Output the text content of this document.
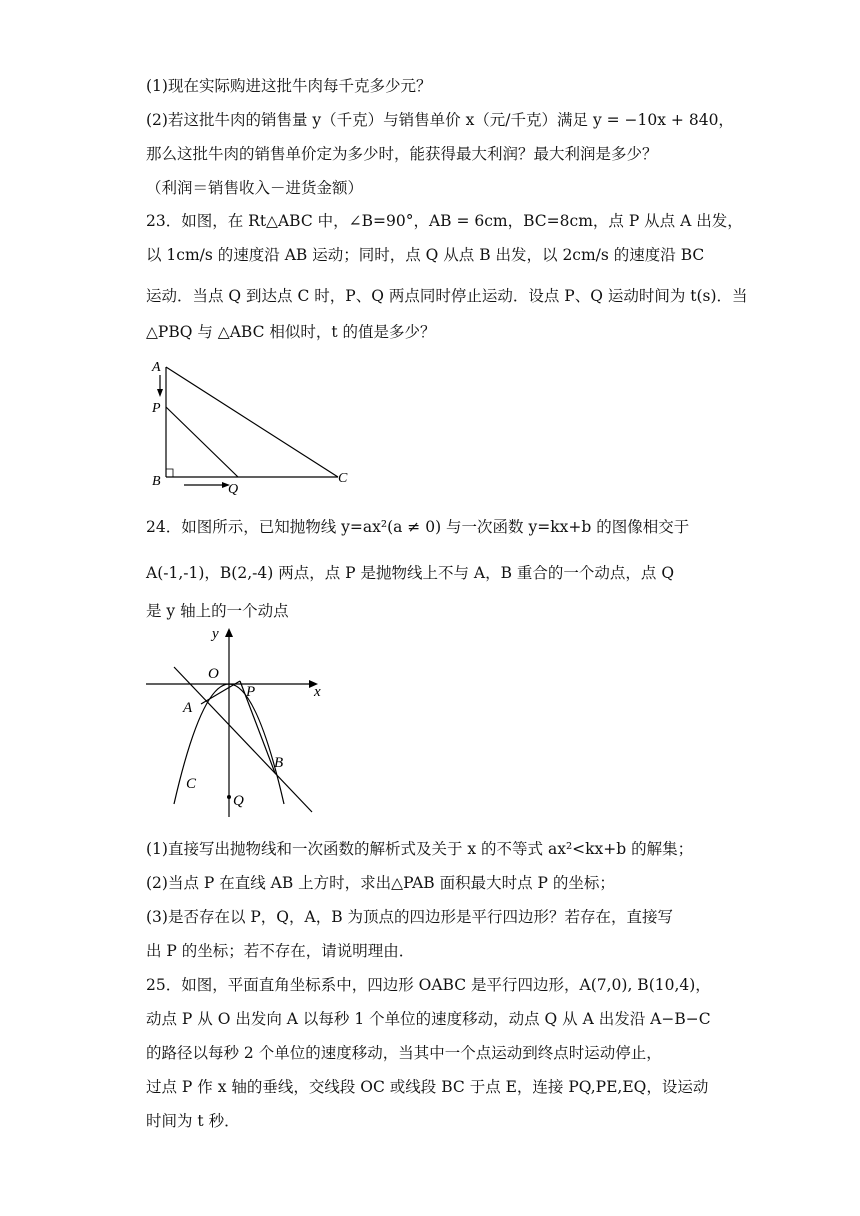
(1)现在实际购进这批牛肉每千克多少元？
(2)若这批牛肉的销售量 y（千克）与销售单价 x（元/千克）满足 y = −10x + 840，
那么这批牛肉的销售单价定为多少时，能获得最大利润？最大利润是多少？
（利润＝销售收入－进货金额）
23．如图，在 Rt△ABC 中，∠B=90°，AB = 6cm，BC=8cm，点 P 从点 A 出发，
以 1cm/s 的速度沿 AB 运动；同时，点 Q 从点 B 出发，以 2cm/s 的速度沿 BC
运动．当点 Q 到达点 C 时，P、Q 两点同时停止运动．设点 P、Q 运动时间为 t(s)．当
△PBQ 与 △ABC 相似时，t 的值是多少？
A
P
B
Q
C
24．如图所示，已知抛物线 y=ax²(a ≠ 0) 与一次函数 y=kx+b 的图像相交于
A(-1,-1)，B(2,-4) 两点，点 P 是抛物线上不与 A，B 重合的一个动点，点 Q
是 y 轴上的一个动点
y
x
O
P
A
B
C
Q
(1)直接写出抛物线和一次函数的解析式及关于 x 的不等式 ax²<kx+b 的解集；
(2)当点 P 在直线 AB 上方时，求出△PAB 面积最大时点 P 的坐标；
(3)是否存在以 P，Q，A，B 为顶点的四边形是平行四边形？若存在，直接写
出 P 的坐标；若不存在，请说明理由．
25．如图，平面直角坐标系中，四边形 OABC 是平行四边形，A(7,0), B(10,4)，
动点 P 从 O 出发向 A 以每秒 1 个单位的速度移动，动点 Q 从 A 出发沿 A−B−C
的路径以每秒 2 个单位的速度移动，当其中一个点运动到终点时运动停止，
过点 P 作 x 轴的垂线，交线段 OC 或线段 BC 于点 E，连接 PQ,PE,EQ，设运动
时间为 t 秒．
